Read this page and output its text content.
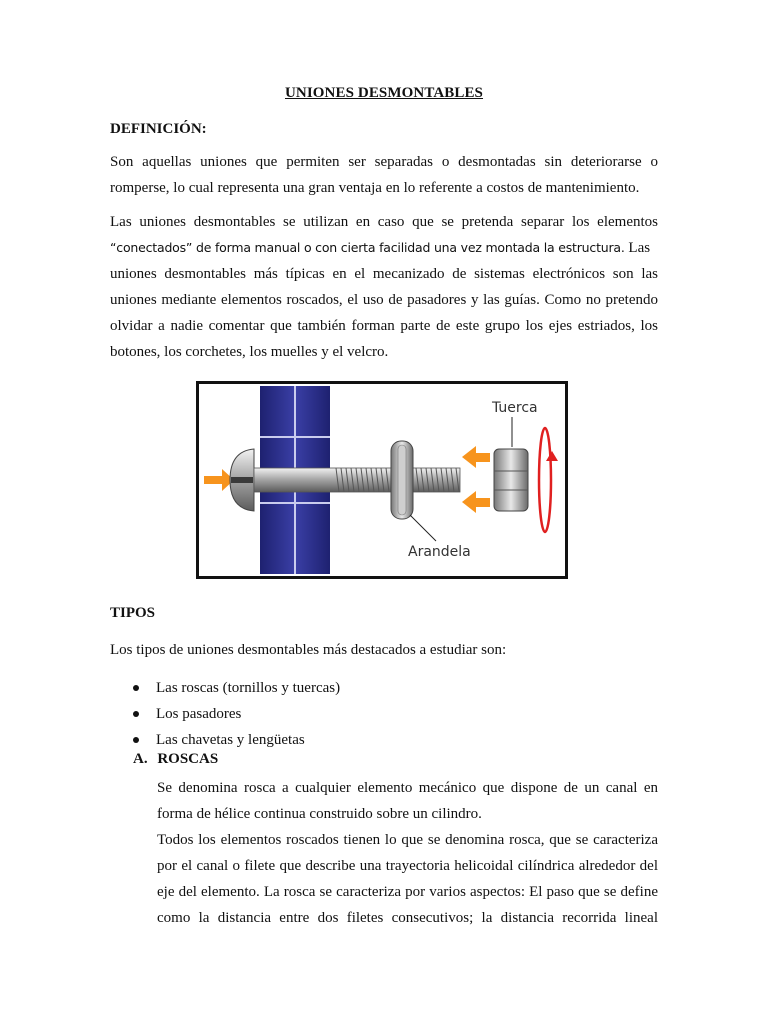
UNIONES DESMONTABLES
DEFINICIÓN:
Son aquellas uniones que permiten ser separadas o desmontadas sin deteriorarse o
romperse, lo cual representa una gran ventaja en lo referente a costos de mantenimiento.
Las uniones desmontables se utilizan en caso que se pretenda separar los elementos
“conectados” de forma manual o con cierta facilidad una vez montada la estructura. Las
uniones desmontables más típicas en el mecanizado de sistemas electrónicos son las
uniones mediante elementos roscados, el uso de pasadores y las guías. Como no pretendo
olvidar a nadie comentar que también forman parte de este grupo los ejes estriados, los
botones, los corchetes, los muelles y el velcro.
Tuerca
Arandela
TIPOS
Los tipos de uniones desmontables más destacados a estudiar son:
Las roscas (tornillos y tuercas)
Los pasadores
Las chavetas y lengüetas
A. ROSCAS
Se denomina rosca a cualquier elemento mecánico que dispone de un canal en
forma de hélice continua construido sobre un cilindro.
Todos los elementos roscados tienen lo que se denomina rosca, que se caracteriza
por el canal o filete que describe una trayectoria helicoidal cilíndrica alrededor del
eje del elemento. La rosca se caracteriza por varios aspectos: El paso que se define
como la distancia entre dos filetes consecutivos; la distancia recorrida lineal
